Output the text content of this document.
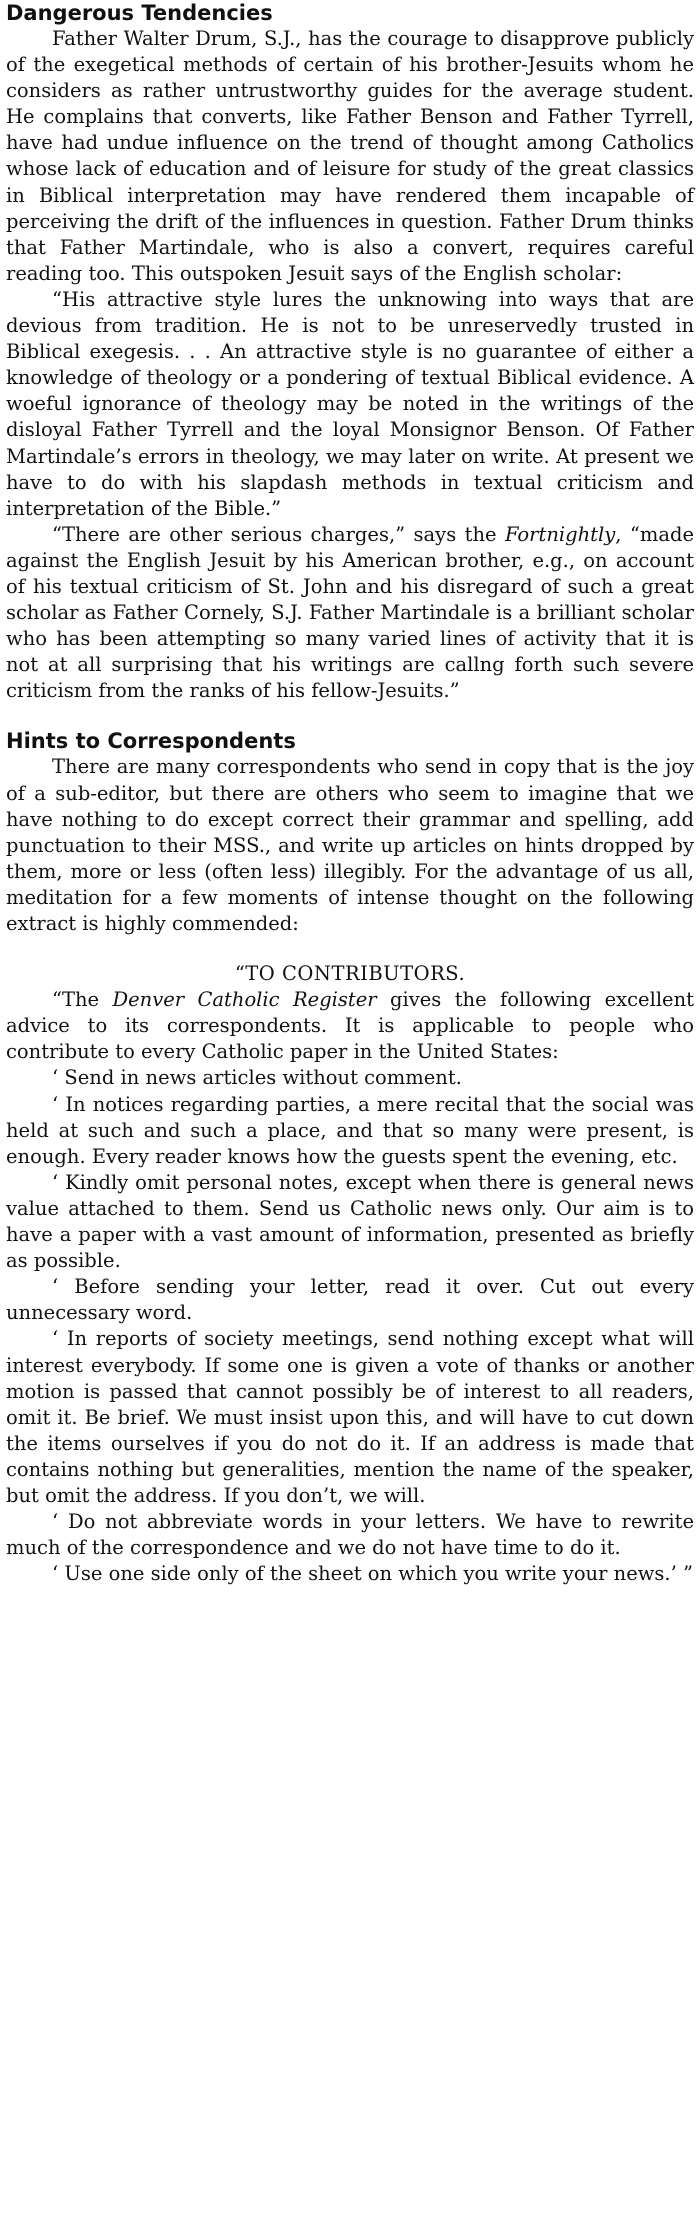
Dangerous Tendencies

Father Walter Drum, S.J., has the courage to disapprove publicly of the exegetical methods of certain of his brother-Jesuits whom he considers as rather untrustworthy guides for the average student. He complains that converts, like Father Benson and Father Tyrrell, have had undue influence on the trend of thought among Catholics whose lack of education and of leisure for study of the great classics in Biblical interpretation may have rendered them incapable of perceiving the drift of the influences in question. Father Drum thinks that Father Martindale, who is also a convert, requires careful reading too. This outspoken Jesuit says of the English scholar:

“His attractive style lures the unknowing into ways that are devious from tradition. He is not to be unreservedly trusted in Biblical exegesis. . . An attractive style is no guarantee of either a knowledge of theology or a pondering of textual Biblical evidence. A woeful ignorance of theology may be noted in the writings of the disloyal Father Tyrrell and the loyal Monsignor Benson. Of Father Martindale’s errors in theology, we may later on write. At present we have to do with his slapdash methods in textual criticism and interpretation of the Bible.”

“There are other serious charges,” says the Fortnightly, “made against the English Jesuit by his American brother, e.g., on account of his textual criticism of St. John and his disregard of such a great scholar as Father Cornely, S.J. Father Martindale is a brilliant scholar who has been attempting so many varied lines of activity that it is not at all surprising that his writings are callng forth such severe criticism from the ranks of his fellow-Jesuits.”

Hints to Correspondents

There are many correspondents who send in copy that is the joy of a sub-editor, but there are others who seem to imagine that we have nothing to do except correct their grammar and spelling, add punctuation to their MSS., and write up articles on hints dropped by them, more or less (often less) illegibly. For the advantage of us all, meditation for a few moments of intense thought on the following extract is highly commended:

“TO CONTRIBUTORS.

“The Denver Catholic Register gives the following excellent advice to its correspondents. It is applicable to people who contribute to every Catholic paper in the United States:

‘ Send in news articles without comment.

‘ In notices regarding parties, a mere recital that the social was held at such and such a place, and that so many were present, is enough. Every reader knows how the guests spent the evening, etc.

‘ Kindly omit personal notes, except when there is general news value attached to them. Send us Catholic news only. Our aim is to have a paper with a vast amount of information, presented as briefly as possible.

‘ Before sending your letter, read it over. Cut out every unnecessary word.

‘ In reports of society meetings, send nothing except what will interest everybody. If some one is given a vote of thanks or another motion is passed that cannot possibly be of interest to all readers, omit it. Be brief. We must insist upon this, and will have to cut down the items ourselves if you do not do it. If an address is made that contains nothing but generalities, mention the name of the speaker, but omit the address. If you don’t, we will.

‘ Do not abbreviate words in your letters. We have to rewrite much of the correspondence and we do not have time to do it.

‘ Use one side only of the sheet on which you write your news.’ ”
